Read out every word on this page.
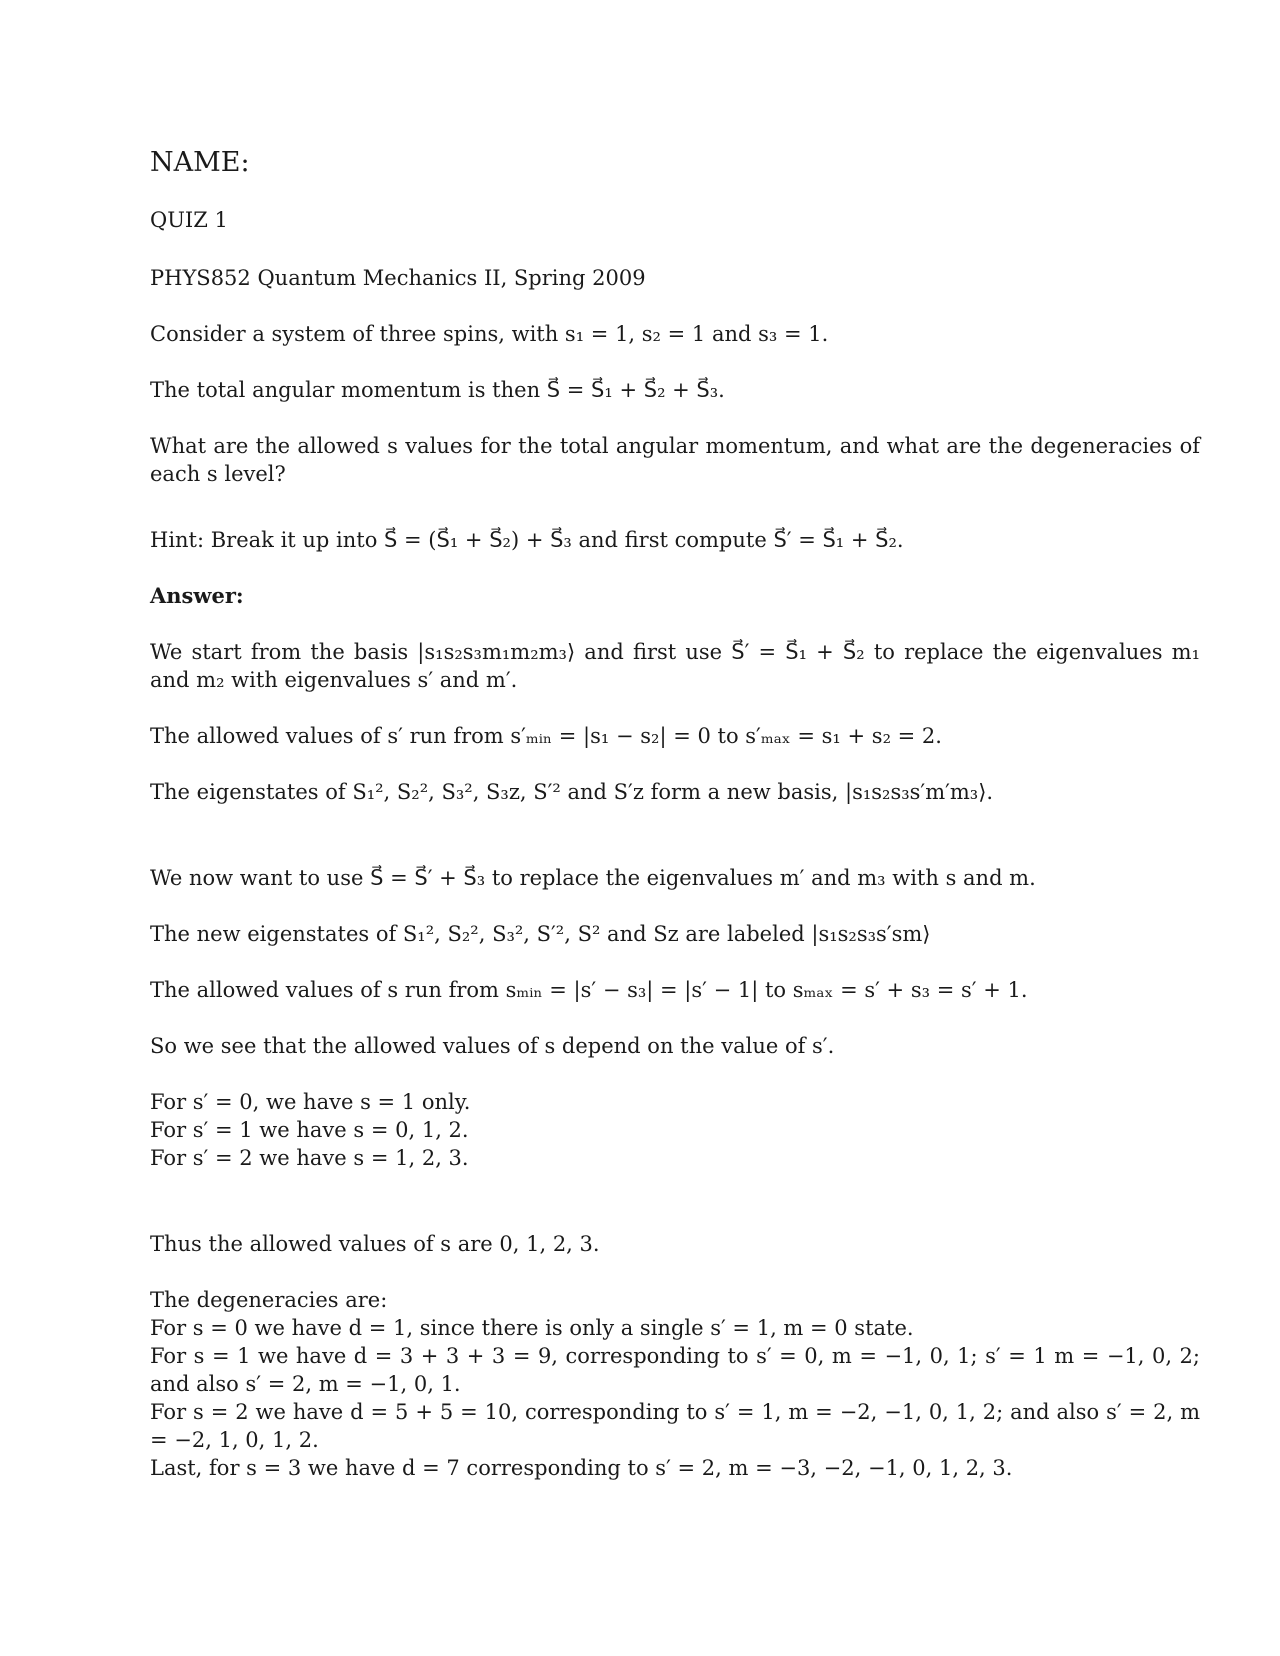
NAME:
QUIZ 1
PHYS852 Quantum Mechanics II, Spring 2009
Consider a system of three spins, with s₁ = 1, s₂ = 1 and s₃ = 1.
The total angular momentum is then S⃗ = S⃗₁ + S⃗₂ + S⃗₃.
What are the allowed s values for the total angular momentum, and what are the degeneracies of each s level?
Hint: Break it up into S⃗ = (S⃗₁ + S⃗₂) + S⃗₃ and first compute S⃗′ = S⃗₁ + S⃗₂.
Answer:
We start from the basis |s₁s₂s₃m₁m₂m₃⟩ and first use S⃗′ = S⃗₁ + S⃗₂ to replace the eigenvalues m₁ and m₂ with eigenvalues s′ and m′.
The allowed values of s′ run from s′ₘᵢₙ = |s₁ − s₂| = 0 to s′ₘₐₓ = s₁ + s₂ = 2.
The eigenstates of S₁², S₂², S₃², S₃z, S′² and S′z form a new basis, |s₁s₂s₃s′m′m₃⟩.
We now want to use S⃗ = S⃗′ + S⃗₃ to replace the eigenvalues m′ and m₃ with s and m.
The new eigenstates of S₁², S₂², S₃², S′², S² and Sz are labeled |s₁s₂s₃s′sm⟩
The allowed values of s run from sₘᵢₙ = |s′ − s₃| = |s′ − 1| to sₘₐₓ = s′ + s₃ = s′ + 1.
So we see that the allowed values of s depend on the value of s′.
For s′ = 0, we have s = 1 only.
For s′ = 1 we have s = 0, 1, 2.
For s′ = 2 we have s = 1, 2, 3.
Thus the allowed values of s are 0, 1, 2, 3.
The degeneracies are:
For s = 0 we have d = 1, since there is only a single s′ = 1, m = 0 state.
For s = 1 we have d = 3 + 3 + 3 = 9, corresponding to s′ = 0, m = −1, 0, 1; s′ = 1 m = −1, 0, 2; and also s′ = 2, m = −1, 0, 1.
For s = 2 we have d = 5 + 5 = 10, corresponding to s′ = 1, m = −2, −1, 0, 1, 2; and also s′ = 2, m = −2, 1, 0, 1, 2.
Last, for s = 3 we have d = 7 corresponding to s′ = 2, m = −3, −2, −1, 0, 1, 2, 3.
